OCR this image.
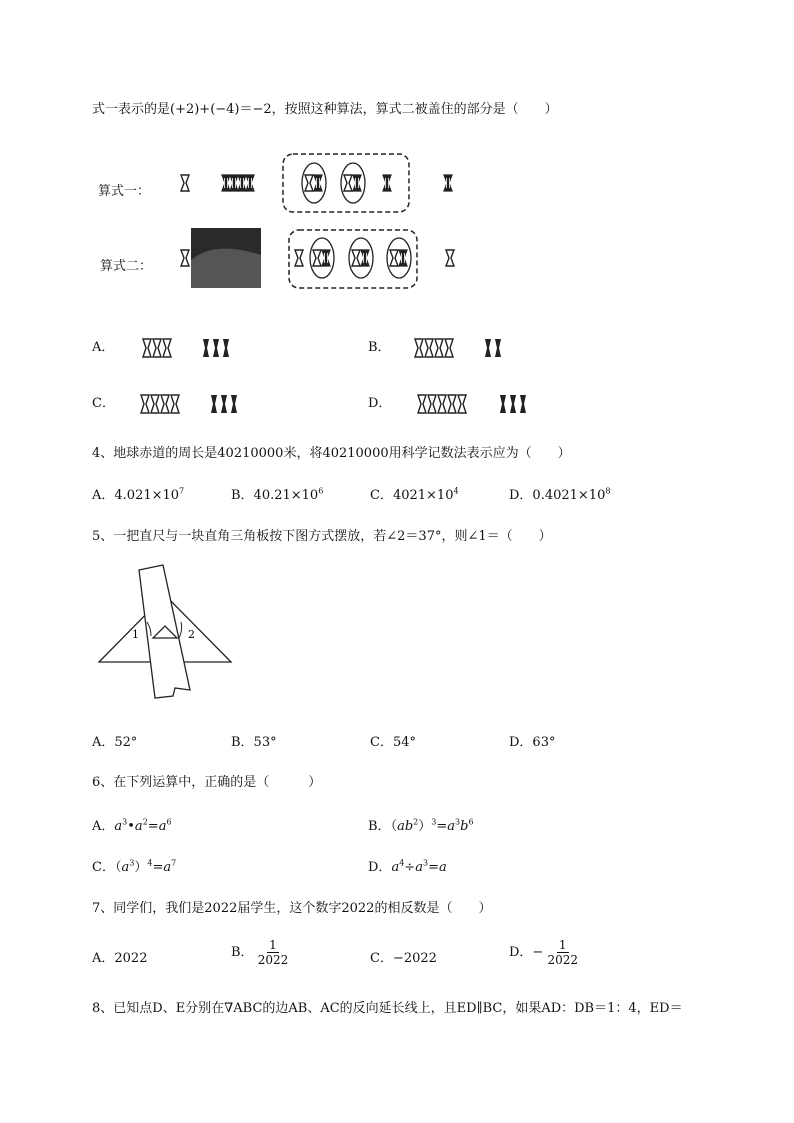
式一表示的是(+2)+(−4)＝−2，按照这种算法，算式二被盖住的部分是（　　）
算式一：
算式二：
A．	B．
C．	D．
4、地球赤道的周长是40210000米，将40210000用科学记数法表示应为（　　）
A．$4.021\times 10^7$	B．$40.21\times 10^6$	C．$4021\times 10^4$	D．$0.4021\times 10^8$
5、一把直尺与一块直角三角板按下图方式摆放，若∠2＝37°，则∠1＝（　　）
1	2
A．52°	B．53°	C．54°	D．63°
6、在下列运算中，正确的是（　　　）
A．$a^3•a^2=a^6$	B．$(ab^2)^3=a^3b^6$
C．$(a^3)^4=a^7$	D．$a^4\div a^3=a$
7、同学们，我们是2022届学生，这个数字2022的相反数是（　　）
A．2022	B． $\frac{1}{2022}$	C．−2022	D．− $\frac{1}{2022}$
8、已知点D、E分别在∇ABC的边AB、AC的反向延长线上，且ED∥BC，如果AD：DB＝1：4，ED＝
